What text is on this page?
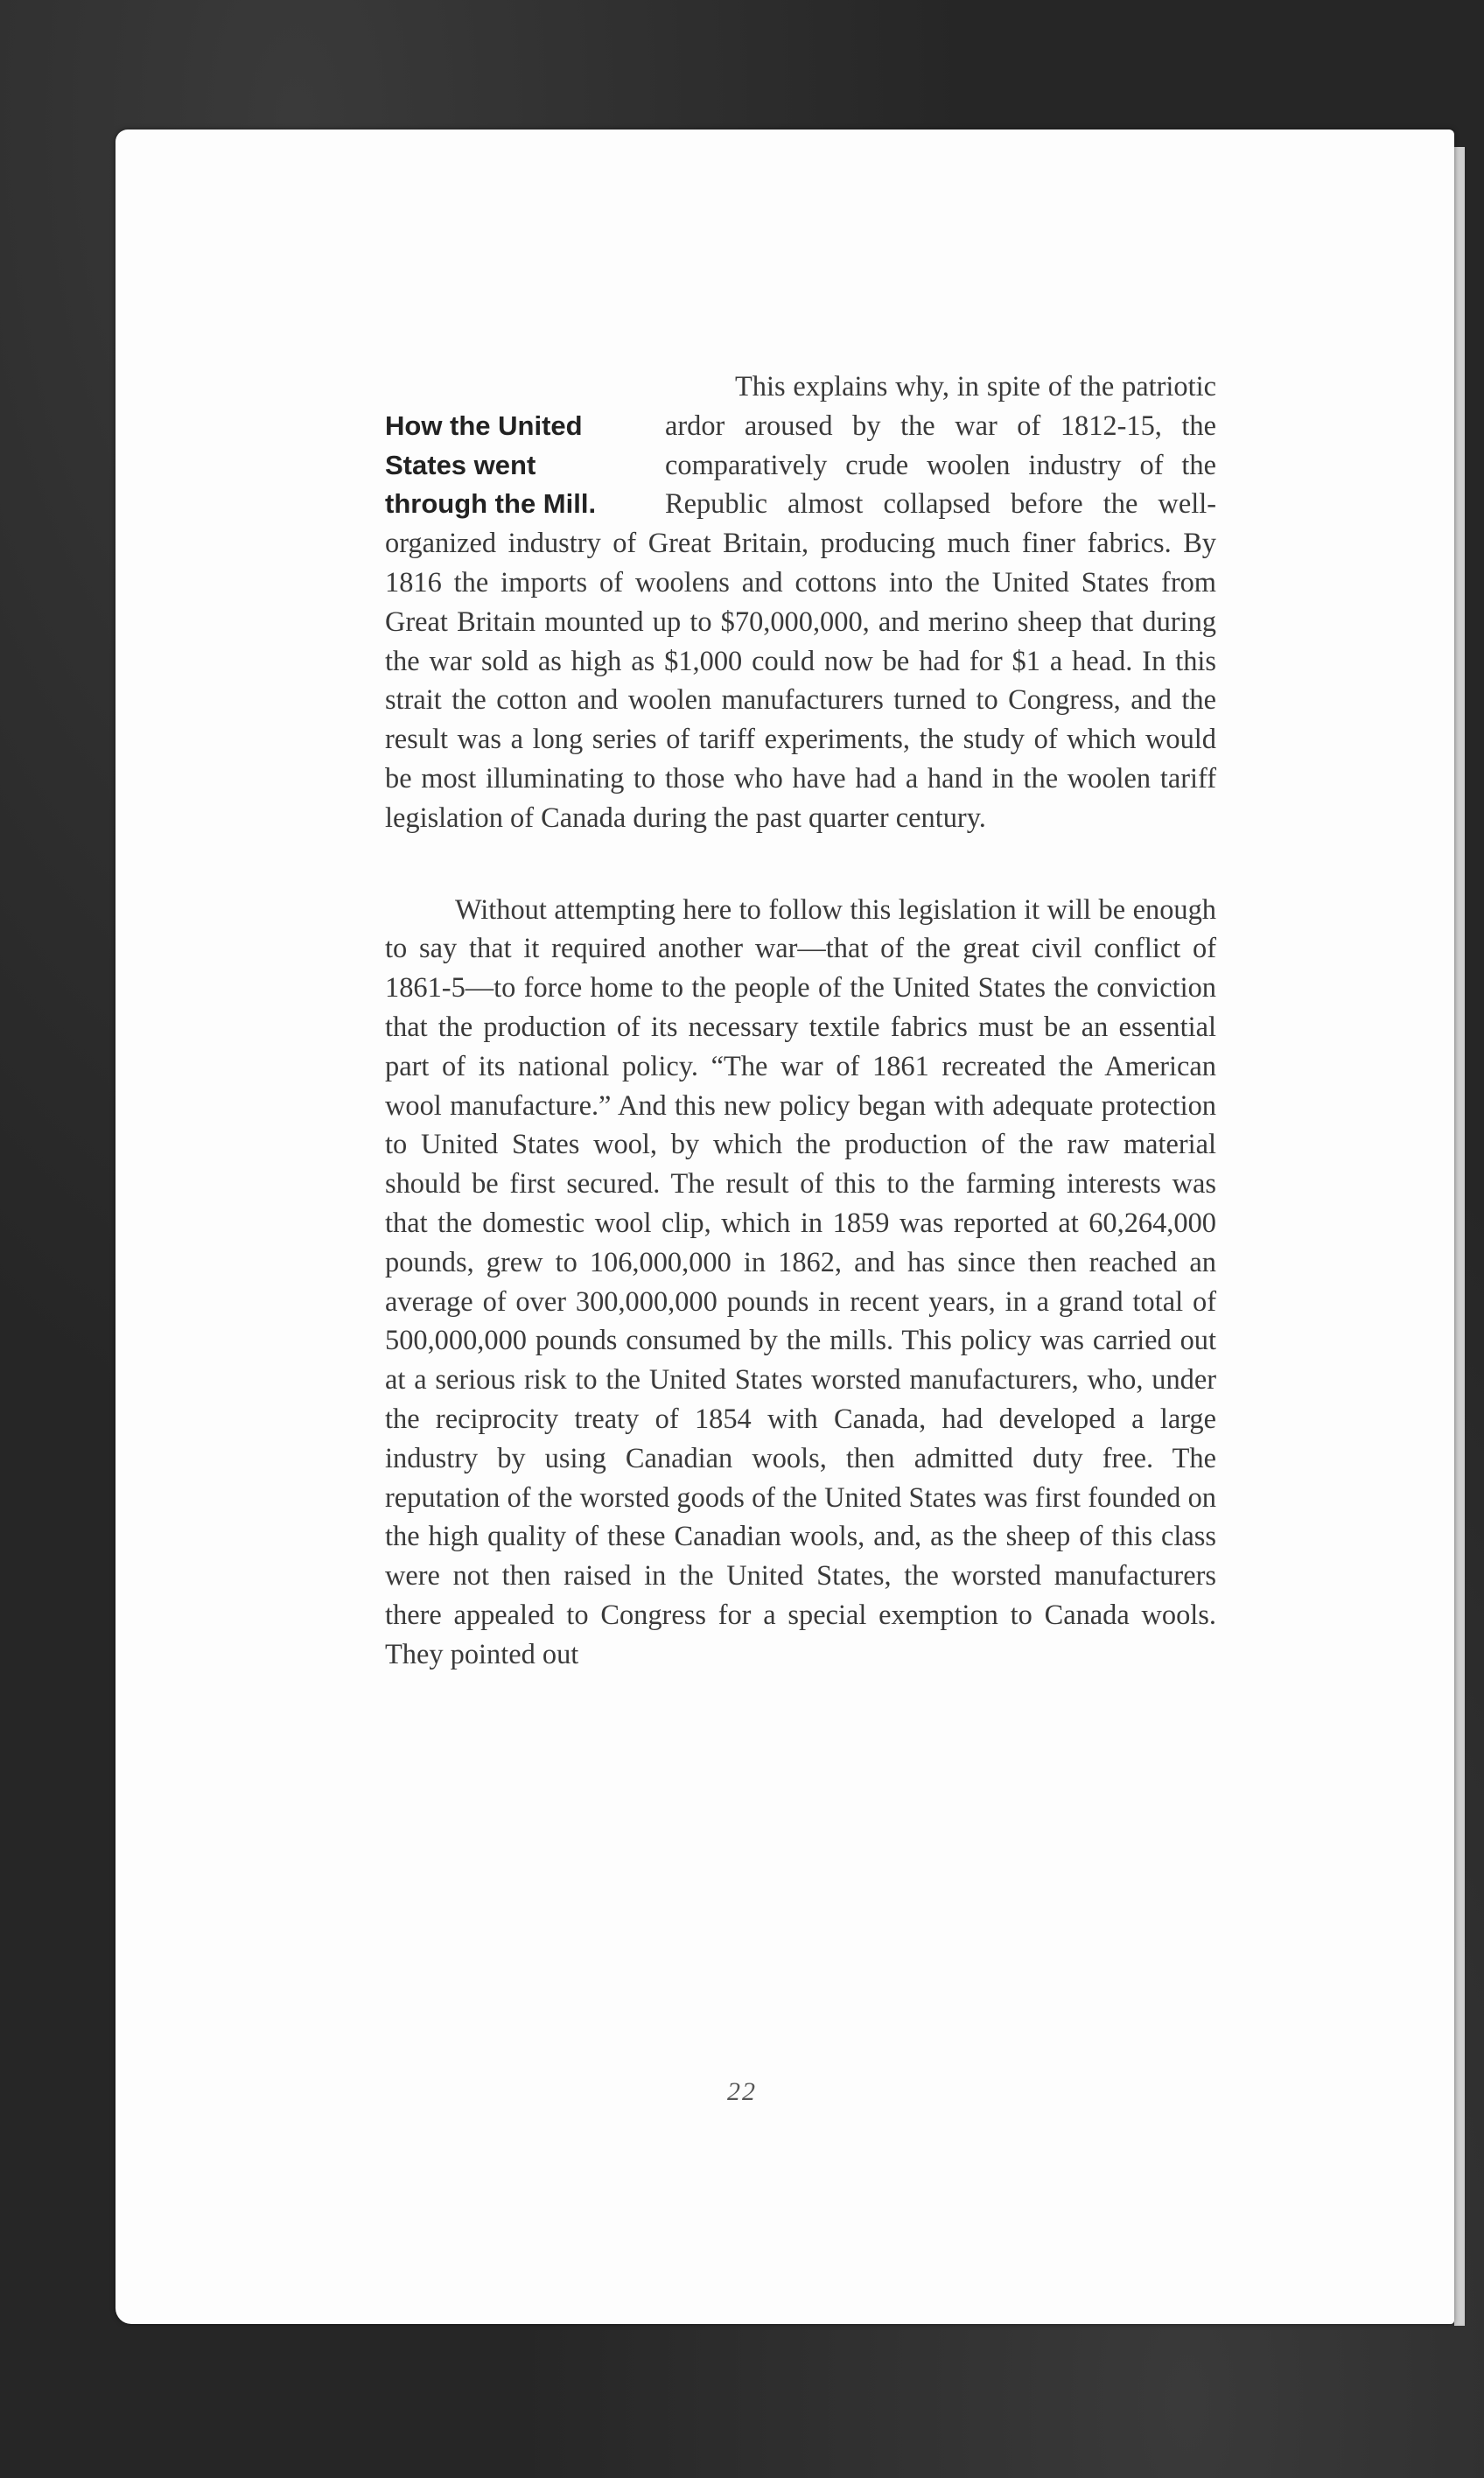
How the United
States went
through the Mill.
This explains why, in spite of the patriotic ardor aroused by the war of 1812-15, the comparatively crude woolen industry of the Republic almost collapsed before the well-organized industry of Great Britain, producing much finer fabrics. By 1816 the imports of woolens and cottons into the United States from Great Britain mounted up to $70,000,000, and merino sheep that during the war sold as high as $1,000 could now be had for $1 a head. In this strait the cotton and woolen manufacturers turned to Congress, and the result was a long series of tariff experiments, the study of which would be most illuminating to those who have had a hand in the woolen tariff legislation of Canada during the past quarter century.

Without attempting here to follow this legislation it will be enough to say that it required another war—that of the great civil conflict of 1861-5—to force home to the people of the United States the conviction that the production of its necessary textile fabrics must be an essential part of its national policy. “The war of 1861 recreated the American wool manufacture.” And this new policy began with adequate protection to United States wool, by which the production of the raw material should be first secured. The result of this to the farming interests was that the domestic wool clip, which in 1859 was reported at 60,264,000 pounds, grew to 106,000,000 in 1862, and has since then reached an average of over 300,000,000 pounds in recent years, in a grand total of 500,000,000 pounds consumed by the mills. This policy was carried out at a serious risk to the United States worsted manufacturers, who, under the reciprocity treaty of 1854 with Canada, had developed a large industry by using Canadian wools, then admitted duty free. The reputation of the worsted goods of the United States was first founded on the high quality of these Canadian wools, and, as the sheep of this class were not then raised in the United States, the worsted manufacturers there appealed to Congress for a special exemption to Canada wools. They pointed out

22
